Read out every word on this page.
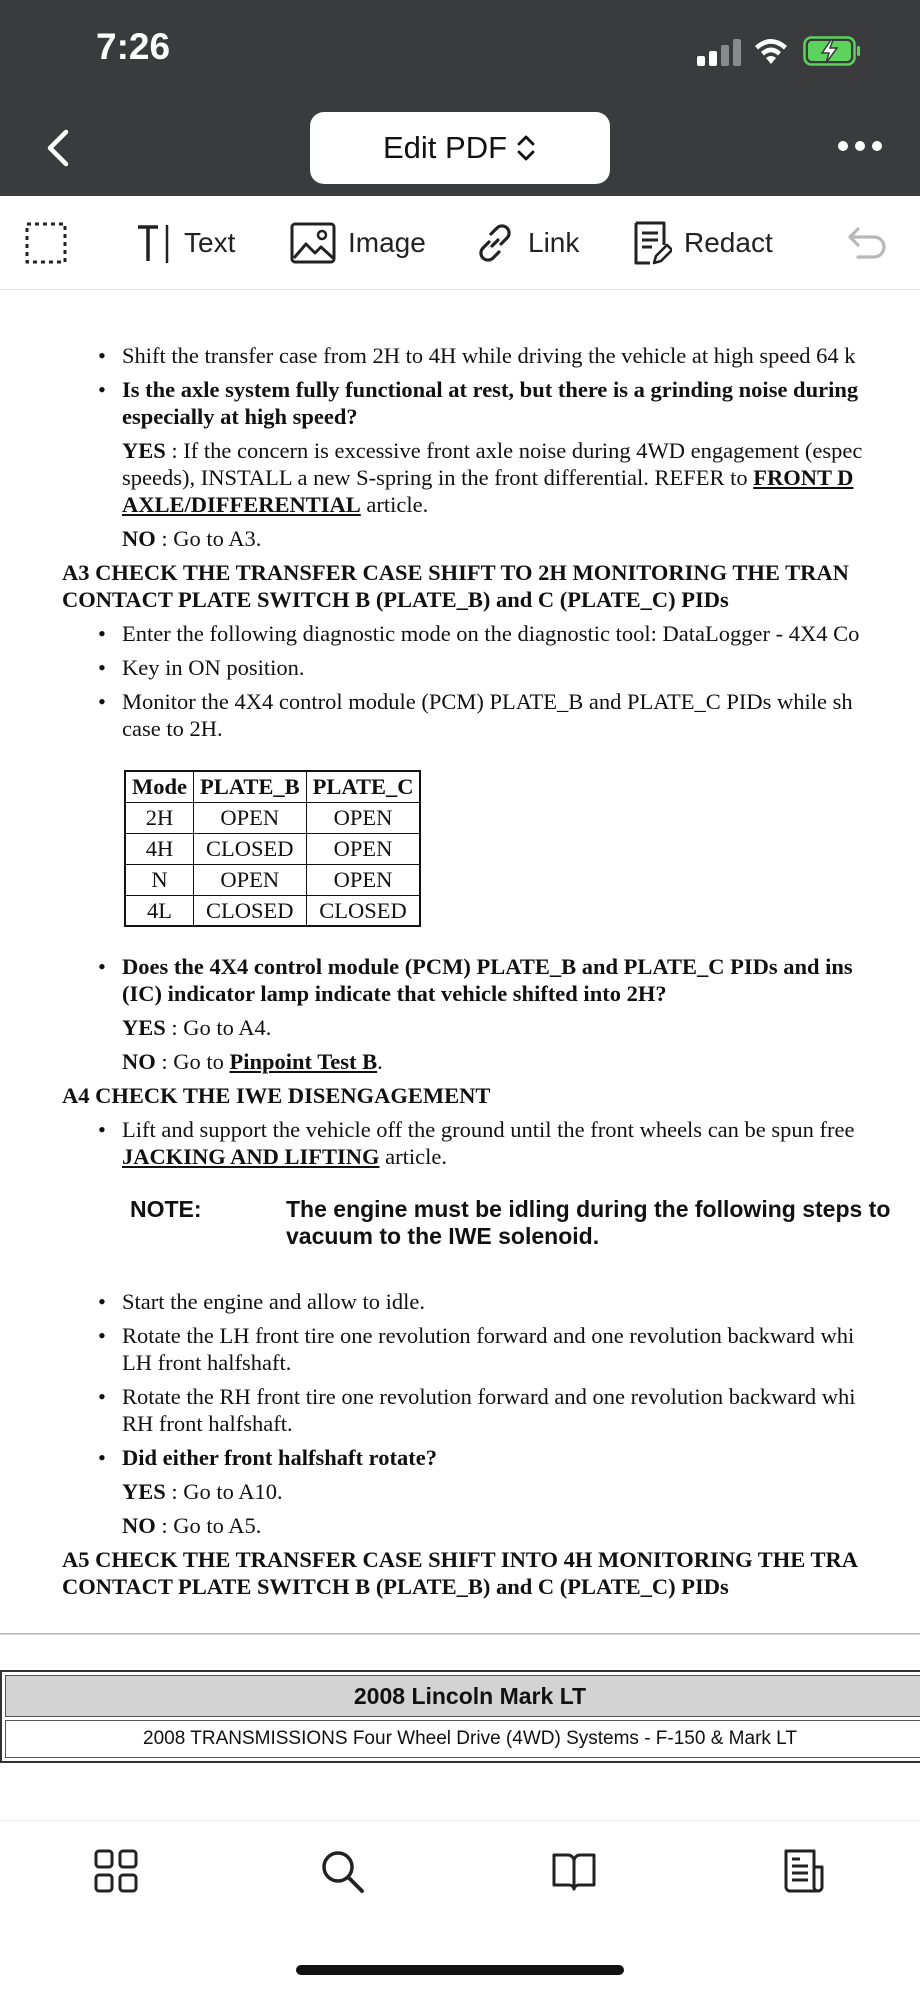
7:26
Edit PDF
Text	Image	Link	Redact
• Shift the transfer case from 2H to 4H while driving the vehicle at high speed 64 k
• Is the axle system fully functional at rest, but there is a grinding noise during
especially at high speed?
YES : If the concern is excessive front axle noise during 4WD engagement (espec
speeds), INSTALL a new S-spring in the front differential. REFER to FRONT D
AXLE/DIFFERENTIAL article.
NO : Go to A3.
A3 CHECK THE TRANSFER CASE SHIFT TO 2H MONITORING THE TRAN
CONTACT PLATE SWITCH B (PLATE_B) and C (PLATE_C) PIDs
• Enter the following diagnostic mode on the diagnostic tool: DataLogger - 4X4 Co
• Key in ON position.
• Monitor the 4X4 control module (PCM) PLATE_B and PLATE_C PIDs while sh
case to 2H.
Mode	PLATE_B	PLATE_C
2H	OPEN	OPEN
4H	CLOSED	OPEN
N	OPEN	OPEN
4L	CLOSED	CLOSED
• Does the 4X4 control module (PCM) PLATE_B and PLATE_C PIDs and ins
(IC) indicator lamp indicate that vehicle shifted into 2H?
YES : Go to A4.
NO : Go to Pinpoint Test B.
A4 CHECK THE IWE DISENGAGEMENT
• Lift and support the vehicle off the ground until the front wheels can be spun free
JACKING AND LIFTING article.
NOTE:	The engine must be idling during the following steps to
vacuum to the IWE solenoid.
• Start the engine and allow to idle.
• Rotate the LH front tire one revolution forward and one revolution backward whi
LH front halfshaft.
• Rotate the RH front tire one revolution forward and one revolution backward whi
RH front halfshaft.
• Did either front halfshaft rotate?
YES : Go to A10.
NO : Go to A5.
A5 CHECK THE TRANSFER CASE SHIFT INTO 4H MONITORING THE TRA
CONTACT PLATE SWITCH B (PLATE_B) and C (PLATE_C) PIDs
2008 Lincoln Mark LT
2008 TRANSMISSIONS Four Wheel Drive (4WD) Systems - F-150 & Mark LT
